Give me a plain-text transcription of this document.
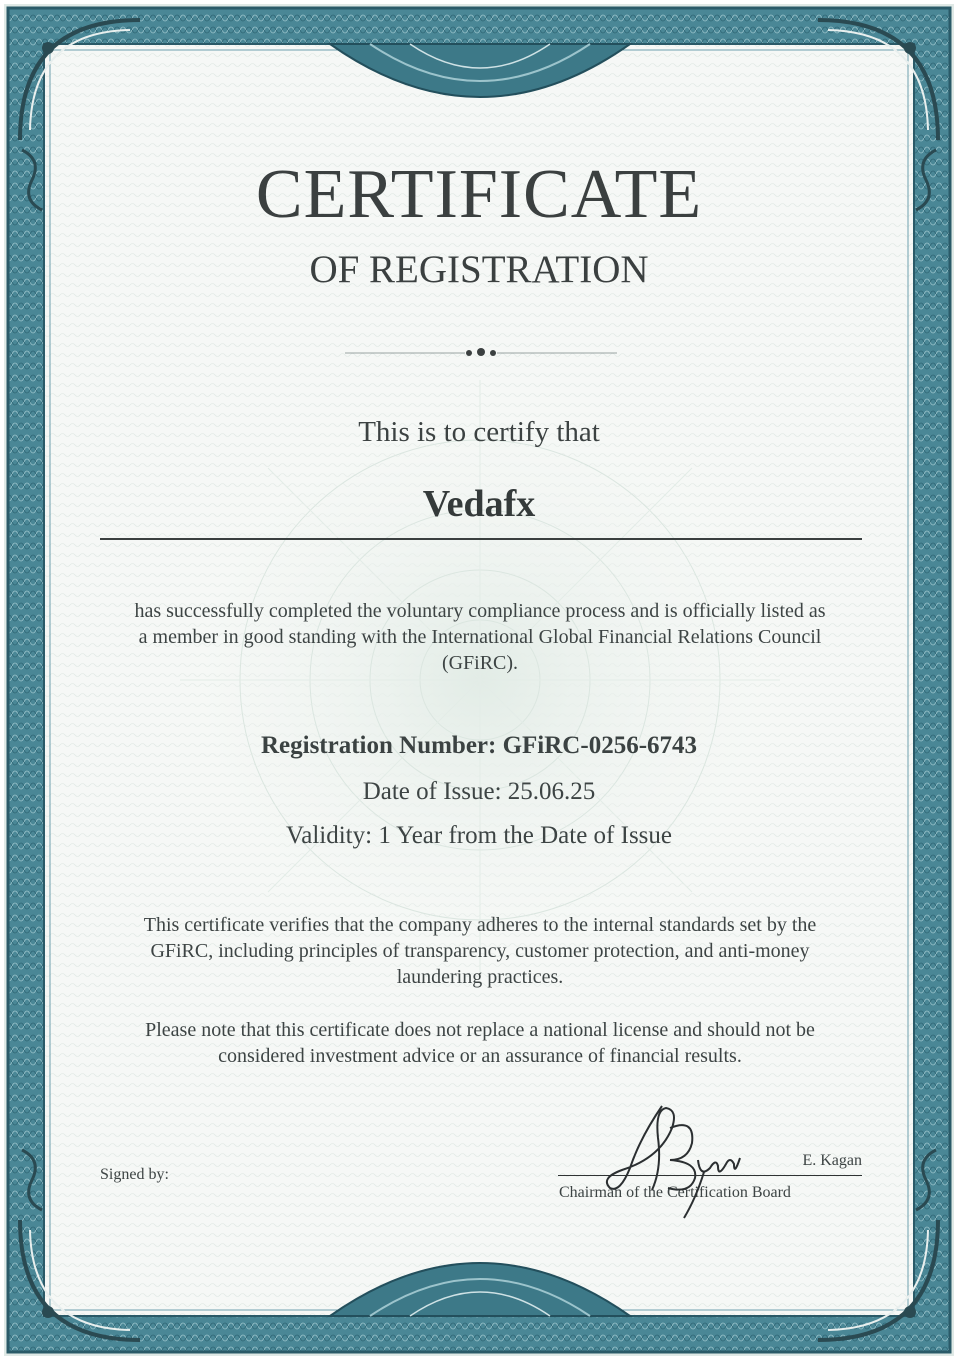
CERTIFICATE
OF REGISTRATION
This is to certify that
Vedafx
has successfully completed the voluntary compliance process and is officially listed as a member in good standing with the International Global Financial Relations Council (GFiRC).
Registration Number: GFiRC-0256-6743
Date of Issue: 25.06.25
Validity: 1 Year from the Date of Issue
This certificate verifies that the company adheres to the internal standards set by the GFiRC, including principles of transparency, customer protection, and anti-money laundering practices.
Please note that this certificate does not replace a national license and should not be considered investment advice or an assurance of financial results.
Signed by:
E. Kagan
Chairman of the Certification Board
